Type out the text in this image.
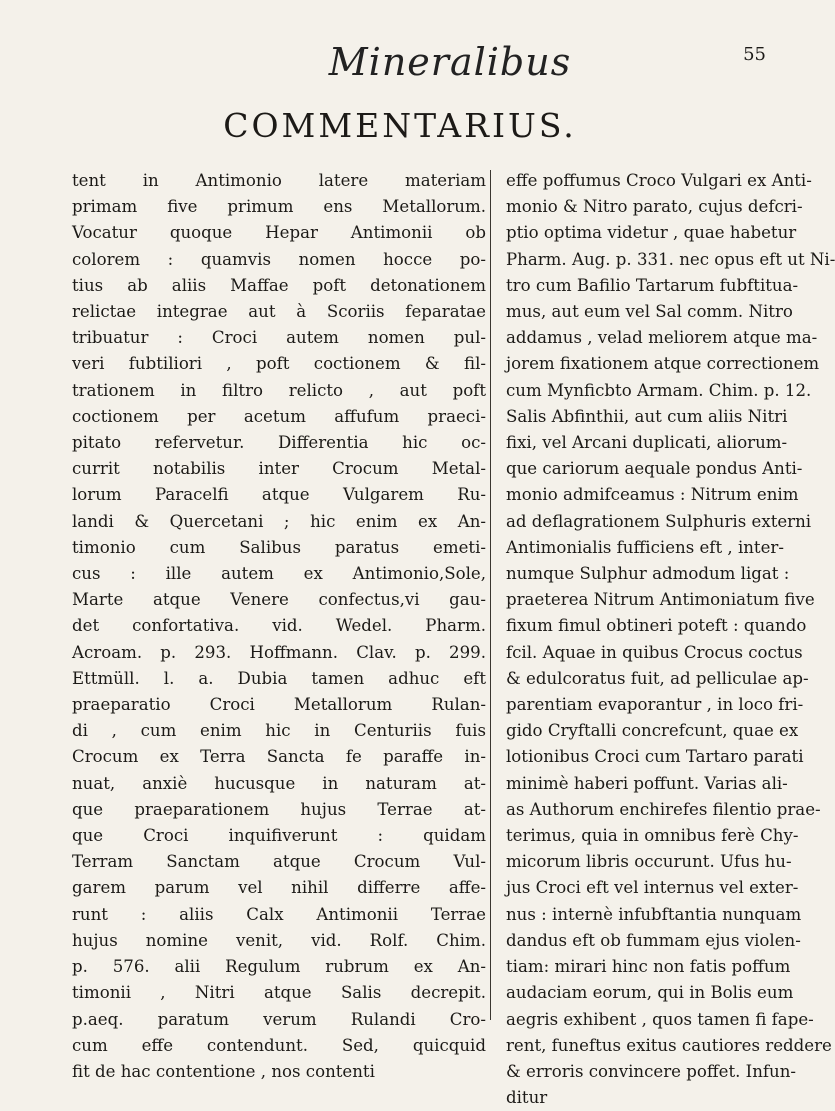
Mineralibus	55
COMMENTARIUS.
tent in Antimonio latere materiam
primam five primum ens Metallorum.
Vocatur quoque Hepar Antimonii ob
colorem : quamvis nomen hocce po-
tius ab aliis Maffae poft detonationem
relictae integrae aut à Scoriis feparatae
tribuatur : Croci autem nomen pul-
veri fubtiliori , poft coctionem & fil-
trationem in filtro relicto , aut poft
coctionem per acetum affufum praeci-
pitato refervetur. Differentia hic oc-
currit notabilis inter Crocum Metal-
lorum Paracelfi atque Vulgarem Ru-
landi & Quercetani ; hic enim ex An-
timonio cum Salibus paratus emeti-
cus : ille autem ex Antimonio,Sole,
Marte atque Venere confectus,vi gau-
det confortativa. vid. Wedel. Pharm.
Acroam. p. 293. Hoffmann. Clav. p. 299.
Ettmüll. l. a. Dubia tamen adhuc eft
praeparatio Croci Metallorum Rulan-
di , cum enim hic in Centuriis fuis
Crocum ex Terra Sancta fe paraffe in-
nuat, anxiè hucusque in naturam at-
que praeparationem hujus Terrae at-
que Croci inquifiverunt : quidam
Terram Sanctam atque Crocum Vul-
garem parum vel nihil differre affe-
runt : aliis Calx Antimonii Terrae
hujus nomine venit, vid. Rolf. Chim.
p. 576. alii Regulum rubrum ex An-
timonii , Nitri atque Salis decrepit.
p.aeq. paratum verum Rulandi Cro-
cum effe contendunt. Sed, quicquid
fit de hac contentione , nos contenti
effe poffumus Croco Vulgari ex Anti-
monio & Nitro parato, cujus defcri-
ptio optima videtur , quae habetur
Pharm. Aug. p. 331. nec opus eft ut Ni-
tro cum Bafilio Tartarum fubftitua-
mus, aut eum vel Sal comm. Nitro
addamus , velad meliorem atque ma-
jorem fixationem atque correctionem
cum Mynficbto Armam. Chim. p. 12.
Salis Abfinthii, aut cum aliis Nitri
fixi, vel Arcani duplicati, aliorum-
que cariorum aequale pondus Anti-
monio admifceamus : Nitrum enim
ad deflagrationem Sulphuris externi
Antimonialis fufficiens eft , inter-
numque Sulphur admodum ligat :
praeterea Nitrum Antimoniatum five
fixum fimul obtineri poteft : quando
fcil. Aquae in quibus Crocus coctus
& edulcoratus fuit, ad pelliculae ap-
parentiam evaporantur , in loco fri-
gido Cryftalli concrefcunt, quae ex
lotionibus Croci cum Tartaro parati
minimè haberi poffunt. Varias ali-
as Authorum enchirefes filentio prae-
terimus, quia in omnibus ferè Chy-
micorum libris occurunt. Ufus hu-
jus Croci eft vel internus vel exter-
nus : internè infubftantia nunquam
dandus eft ob fummam ejus violen-
tiam: mirari hinc non fatis poffum
audaciam eorum, qui in Bolis eum
aegris exhibent , quos tamen fi fape-
rent, funeftus exitus cautiores reddere
& erroris convincere poffet. Infun-
ditur
